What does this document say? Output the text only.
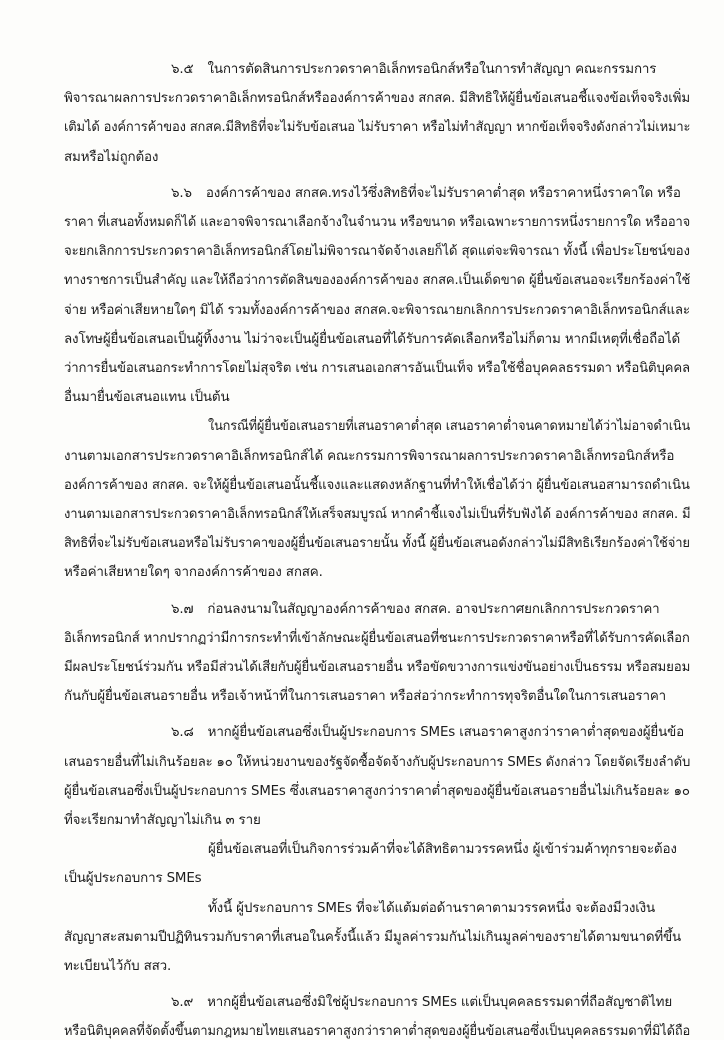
๖.๕ ในการตัดสินการประกวดราคาอิเล็กทรอนิกส์หรือในการทำสัญญา คณะกรรมการ
พิจารณาผลการประกวดราคาอิเล็กทรอนิกส์หรือองค์การค้าของ สกสค. มีสิทธิให้ผู้ยื่นข้อเสนอชี้แจงข้อเท็จจริงเพิ่ม
เติมได้ องค์การค้าของ สกสค.มีสิทธิที่จะไม่รับข้อเสนอ ไม่รับราคา หรือไม่ทำสัญญา หากข้อเท็จจริงดังกล่าวไม่เหมาะ
สมหรือไม่ถูกต้อง
๖.๖ องค์การค้าของ สกสค.ทรงไว้ซึ่งสิทธิที่จะไม่รับราคาต่ำสุด หรือราคาหนึ่งราคาใด หรือ
ราคา ที่เสนอทั้งหมดก็ได้ และอาจพิจารณาเลือกจ้างในจำนวน หรือขนาด หรือเฉพาะรายการหนึ่งรายการใด หรืออาจ
จะยกเลิกการประกวดราคาอิเล็กทรอนิกส์โดยไม่พิจารณาจัดจ้างเลยก็ได้ สุดแต่จะพิจารณา ทั้งนี้ เพื่อประโยชน์ของ
ทางราชการเป็นสำคัญ และให้ถือว่าการตัดสินขององค์การค้าของ สกสค.เป็นเด็ดขาด ผู้ยื่นข้อเสนอจะเรียกร้องค่าใช้
จ่าย หรือค่าเสียหายใดๆ มิได้ รวมทั้งองค์การค้าของ สกสค.จะพิจารณายกเลิกการประกวดราคาอิเล็กทรอนิกส์และ
ลงโทษผู้ยื่นข้อเสนอเป็นผู้ทิ้งงาน ไม่ว่าจะเป็นผู้ยื่นข้อเสนอที่ได้รับการคัดเลือกหรือไม่ก็ตาม หากมีเหตุที่เชื่อถือได้
ว่าการยื่นข้อเสนอกระทำการโดยไม่สุจริต เช่น การเสนอเอกสารอันเป็นเท็จ หรือใช้ชื่อบุคคลธรรมดา หรือนิติบุคคล
อื่นมายื่นข้อเสนอแทน เป็นต้น
ในกรณีที่ผู้ยื่นข้อเสนอรายที่เสนอราคาต่ำสุด เสนอราคาต่ำจนคาดหมายได้ว่าไม่อาจดำเนิน
งานตามเอกสารประกวดราคาอิเล็กทรอนิกส์ได้ คณะกรรมการพิจารณาผลการประกวดราคาอิเล็กทรอนิกส์หรือ
องค์การค้าของ สกสค. จะให้ผู้ยื่นข้อเสนอนั้นชี้แจงและแสดงหลักฐานที่ทำให้เชื่อได้ว่า ผู้ยื่นข้อเสนอสามารถดำเนิน
งานตามเอกสารประกวดราคาอิเล็กทรอนิกส์ให้เสร็จสมบูรณ์ หากคำชี้แจงไม่เป็นที่รับฟังได้ องค์การค้าของ สกสค. มี
สิทธิที่จะไม่รับข้อเสนอหรือไม่รับราคาของผู้ยื่นข้อเสนอรายนั้น ทั้งนี้ ผู้ยื่นข้อเสนอดังกล่าวไม่มีสิทธิเรียกร้องค่าใช้จ่าย
หรือค่าเสียหายใดๆ จากองค์การค้าของ สกสค.
๖.๗ ก่อนลงนามในสัญญาองค์การค้าของ สกสค. อาจประกาศยกเลิกการประกวดราคา
อิเล็กทรอนิกส์ หากปรากฏว่ามีการกระทำที่เข้าลักษณะผู้ยื่นข้อเสนอที่ชนะการประกวดราคาหรือที่ได้รับการคัดเลือก
มีผลประโยชน์ร่วมกัน หรือมีส่วนได้เสียกับผู้ยื่นข้อเสนอรายอื่น หรือขัดขวางการแข่งขันอย่างเป็นธรรม หรือสมยอม
กันกับผู้ยื่นข้อเสนอรายอื่น หรือเจ้าหน้าที่ในการเสนอราคา หรือส่อว่ากระทำการทุจริตอื่นใดในการเสนอราคา
๖.๘ หากผู้ยื่นข้อเสนอซึ่งเป็นผู้ประกอบการ SMEs เสนอราคาสูงกว่าราคาต่ำสุดของผู้ยื่นข้อ
เสนอรายอื่นที่ไม่เกินร้อยละ ๑๐ ให้หน่วยงานของรัฐจัดซื้อจัดจ้างกับผู้ประกอบการ SMEs ดังกล่าว โดยจัดเรียงลำดับ
ผู้ยื่นข้อเสนอซึ่งเป็นผู้ประกอบการ SMEs ซึ่งเสนอราคาสูงกว่าราคาต่ำสุดของผู้ยื่นข้อเสนอรายอื่นไม่เกินร้อยละ ๑๐
ที่จะเรียกมาทำสัญญาไม่เกิน ๓ ราย
ผู้ยื่นข้อเสนอที่เป็นกิจการร่วมค้าที่จะได้สิทธิตามวรรคหนึ่ง ผู้เข้าร่วมค้าทุกรายจะต้อง
เป็นผู้ประกอบการ SMEs
ทั้งนี้ ผู้ประกอบการ SMEs ที่จะได้แต้มต่อด้านราคาตามวรรคหนึ่ง จะต้องมีวงเงิน
สัญญาสะสมตามปีปฏิทินรวมกับราคาที่เสนอในครั้งนี้แล้ว มีมูลค่ารวมกันไม่เกินมูลค่าของรายได้ตามขนาดที่ขึ้น
ทะเบียนไว้กับ สสว.
๖.๙ หากผู้ยื่นข้อเสนอซึ่งมิใช่ผู้ประกอบการ SMEs แต่เป็นบุคคลธรรมดาที่ถือสัญชาติไทย
หรือนิติบุคคลที่จัดตั้งขึ้นตามกฎหมายไทยเสนอราคาสูงกว่าราคาต่ำสุดของผู้ยื่นข้อเสนอซึ่งเป็นบุคคลธรรมดาที่มิได้ถือ
